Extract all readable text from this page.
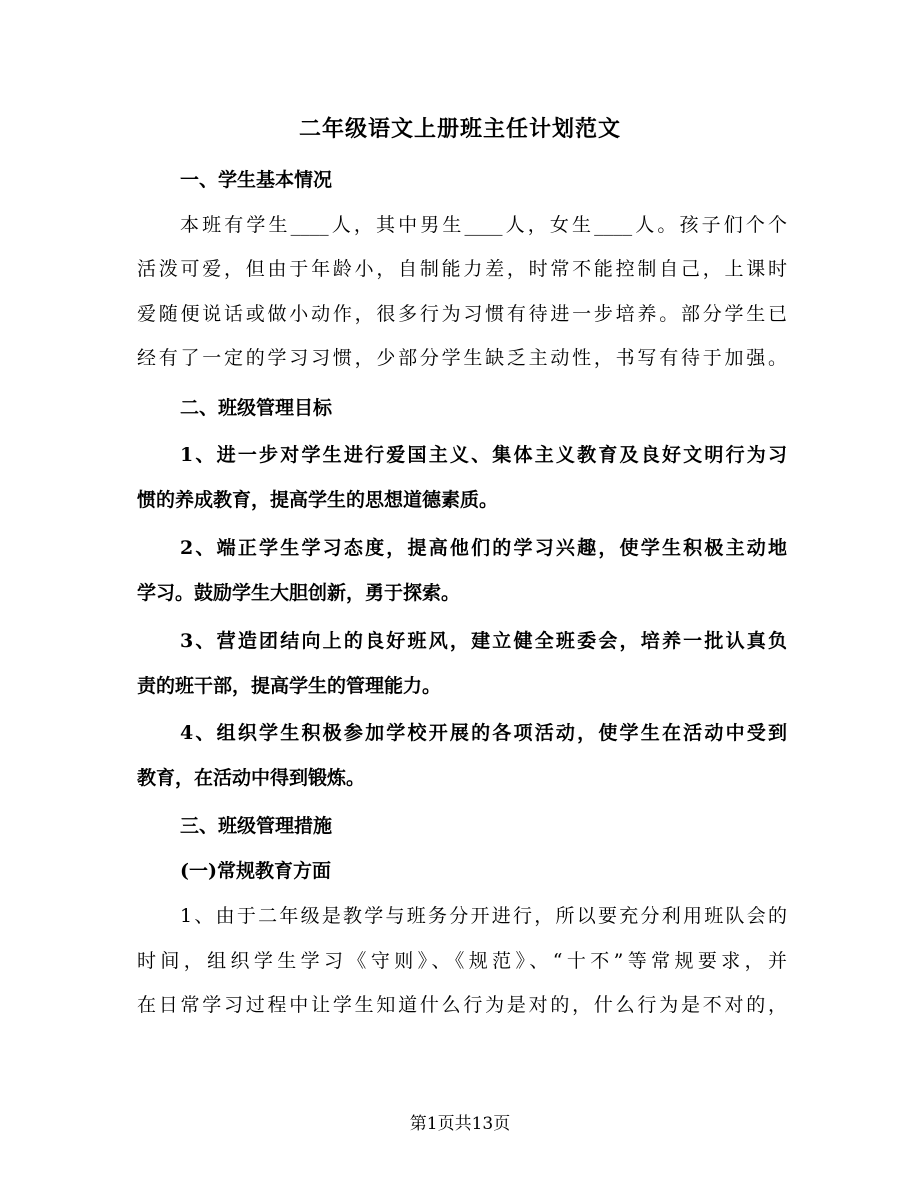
二年级语文上册班主任计划范文
一、学生基本情况
本班有学生____人，其中男生____人，女生____人。孩子们个个
活泼可爱，但由于年龄小，自制能力差，时常不能控制自己，上课时
爱随便说话或做小动作，很多行为习惯有待进一步培养。部分学生已
经有了一定的学习习惯，少部分学生缺乏主动性，书写有待于加强。
二、班级管理目标
1、进一步对学生进行爱国主义、集体主义教育及良好文明行为习
惯的养成教育，提高学生的思想道德素质。
2、端正学生学习态度，提高他们的学习兴趣，使学生积极主动地
学习。鼓励学生大胆创新，勇于探索。
3、营造团结向上的良好班风，建立健全班委会，培养一批认真负
责的班干部，提高学生的管理能力。
4、组织学生积极参加学校开展的各项活动，使学生在活动中受到
教育，在活动中得到锻炼。
三、班级管理措施
(一)常规教育方面
1、由于二年级是教学与班务分开进行，所以要充分利用班队会的
时间，组织学生学习《守则》、《规范》、“十不”等常规要求，并
在日常学习过程中让学生知道什么行为是对的，什么行为是不对的，
第1页共13页
